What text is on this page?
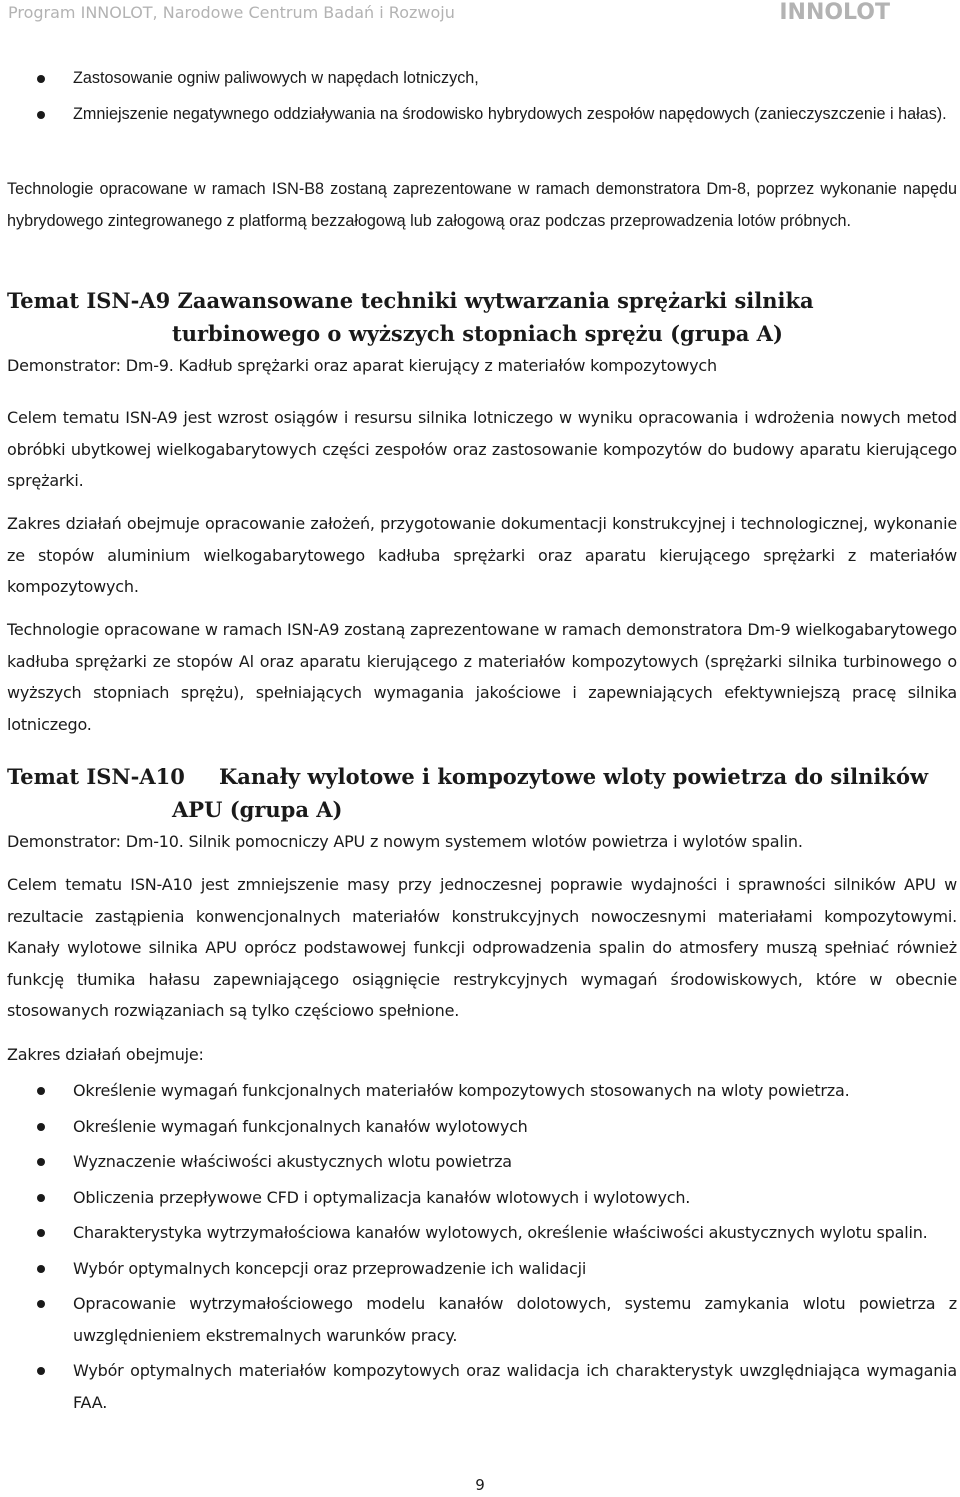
Program INNOLOT, Narodowe Centrum Badań i Rozwoju	INNOLOT
Zastosowanie ogniw paliwowych w napędach lotniczych,
Zmniejszenie negatywnego oddziaływania na środowisko hybrydowych zespołów napędowych (zanieczyszczenie i hałas).
Technologie opracowane w ramach ISN-B8 zostaną zaprezentowane w ramach demonstratora Dm-8, poprzez wykonanie napędu hybrydowego zintegrowanego z platformą bezzałogową lub załogową oraz podczas przeprowadzenia lotów próbnych.
Temat ISN-A9 Zaawansowane techniki wytwarzania sprężarki silnika
turbinowego o wyższych stopniach sprężu (grupa A)
Demonstrator: Dm-9. Kadłub sprężarki oraz aparat kierujący z materiałów kompozytowych
Celem tematu ISN-A9 jest wzrost osiągów i resursu silnika lotniczego w wyniku opracowania i wdrożenia nowych metod obróbki ubytkowej wielkogabarytowych części zespołów oraz zastosowanie kompozytów do budowy aparatu kierującego sprężarki.
Zakres działań obejmuje opracowanie założeń, przygotowanie dokumentacji konstrukcyjnej i technologicznej, wykonanie ze stopów aluminium wielkogabarytowego kadłuba sprężarki oraz aparatu kierującego sprężarki z materiałów kompozytowych.
Technologie opracowane w ramach ISN-A9 zostaną zaprezentowane w ramach demonstratora Dm-9 wielkogabarytowego kadłuba sprężarki ze stopów Al oraz aparatu kierującego z materiałów kompozytowych (sprężarki silnika turbinowego o wyższych stopniach sprężu), spełniających wymagania jakościowe i zapewniających efektywniejszą pracę silnika lotniczego.
Temat ISN-A10 Kanały wylotowe i kompozytowe wloty powietrza do silników
APU (grupa A)
Demonstrator: Dm-10. Silnik pomocniczy APU z nowym systemem wlotów powietrza i wylotów spalin.
Celem tematu ISN-A10 jest zmniejszenie masy przy jednoczesnej poprawie wydajności i sprawności silników APU w rezultacie zastąpienia konwencjonalnych materiałów konstrukcyjnych nowoczesnymi materiałami kompozytowymi. Kanały wylotowe silnika APU oprócz podstawowej funkcji odprowadzenia spalin do atmosfery muszą spełniać również funkcję tłumika hałasu zapewniającego osiągnięcie restrykcyjnych wymagań środowiskowych, które w obecnie stosowanych rozwiązaniach są tylko częściowo spełnione.
Zakres działań obejmuje:
Określenie wymagań funkcjonalnych materiałów kompozytowych stosowanych na wloty powietrza.
Określenie wymagań funkcjonalnych kanałów wylotowych
Wyznaczenie właściwości akustycznych wlotu powietrza
Obliczenia przepływowe CFD i optymalizacja kanałów wlotowych i wylotowych.
Charakterystyka wytrzymałościowa kanałów wylotowych, określenie właściwości akustycznych wylotu spalin.
Wybór optymalnych koncepcji oraz przeprowadzenie ich walidacji
Opracowanie wytrzymałościowego modelu kanałów dolotowych, systemu zamykania wlotu powietrza z uwzględnieniem ekstremalnych warunków pracy.
Wybór optymalnych materiałów kompozytowych oraz walidacja ich charakterystyk uwzględniająca wymagania FAA.
9
